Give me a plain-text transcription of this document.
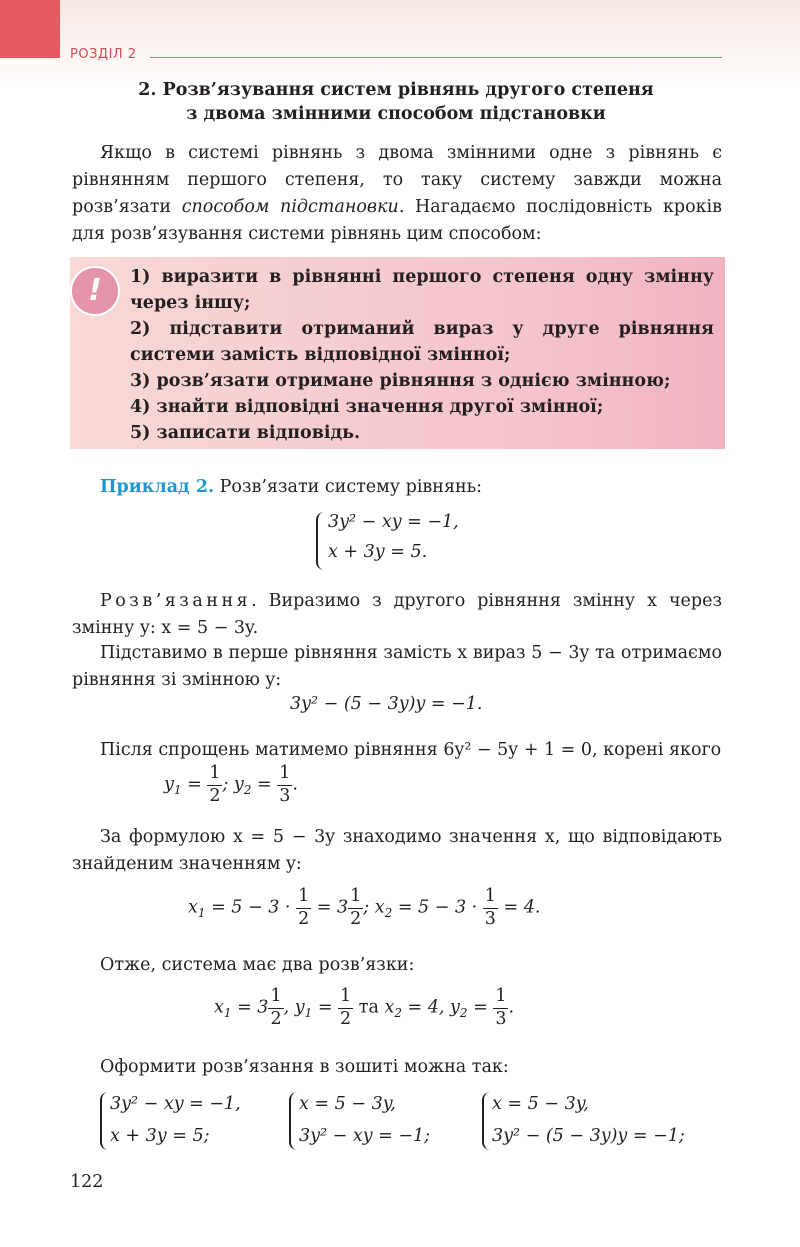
РОЗДІЛ 2
2. Розв’язування систем рівнянь другого степеня
з двома змінними способом підстановки
Якщо в системі рівнянь з двома змінними одне з рівнянь є рівнянням першого степеня, то таку систему завжди можна розв’язати способом підстановки. Нагадаємо послідовність кроків для розв’язування системи рівнянь цим способом:
!	1) виразити в рівнянні першого степеня одну змінну через іншу;
2) підставити отриманий вираз у друге рівняння системи замість відповідної змінної;
3) розв’язати отримане рівняння з однією змінною;
4) знайти відповідні значення другої змінної;
5) записати відповідь.
Приклад 2. Розв’язати систему рівнянь:
3y² − xy = −1,
x + 3y = 5.
Розв’язання. Виразимо з другого рівняння змінну x через змінну y: x = 5 − 3y.
Підставимо в перше рівняння замість x вираз 5 − 3y та отримаємо рівняння зі змінною y:
3y² − (5 − 3y)y = −1.
Після спрощень матимемо рівняння 6y² − 5y + 1 = 0, корені якого
$y_1 = \frac{1}{2}$ ; $y_2 = \frac{1}{3}$ .
За формулою x = 5 − 3y знаходимо значення x, що відповідають знайденим значенням y:
$x_1 = 5 - 3 \cdot \frac{1}{2} = 3 \frac{1}{2}$ ; $x_2 = 5 - 3 \cdot \frac{1}{3} = 4$.
Отже, система має два розв’язки:
$x_1 = 3 \frac{1}{2}$ , $y_1 = \frac{1}{2}$ та $x_2 = 4$, $y_2 = \frac{1}{3}$ .
Оформити розв’язання в зошиті можна так:
3y² − xy = −1,
x + 3y = 5;
x = 5 − 3y,
3y² − xy = −1;
x = 5 − 3y,
3y² − (5 − 3y)y = −1;
122
